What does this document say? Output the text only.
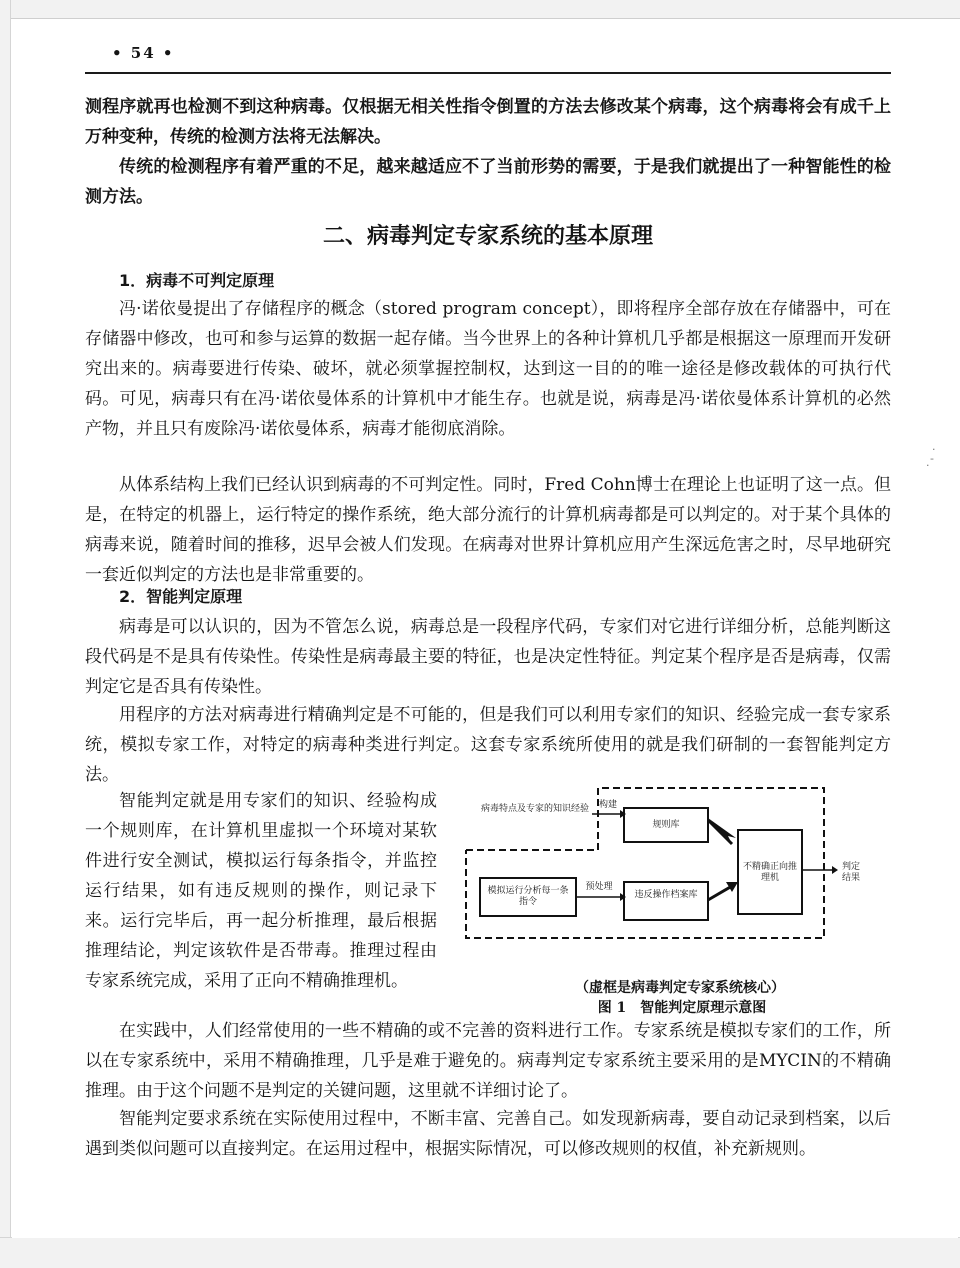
• 54 •

测程序就再也检测不到这种病毒。仅根据无相关性指令倒置的方法去修改某个病毒，这个病毒将会有成千上万种变种，传统的检测方法将无法解决。

传统的检测程序有着严重的不足，越来越适应不了当前形势的需要，于是我们就提出了一种智能性的检测方法。

二、病毒判定专家系统的基本原理
1．病毒不可判定原理

冯·诺依曼提出了存储程序的概念（stored program concept），即将程序全部存放在存储器中，可在存储器中修改，也可和参与运算的数据一起存储。当今世界上的各种计算机几乎都是根据这一原理而开发研究出来的。病毒要进行传染、破坏，就必须掌握控制权，达到这一目的的唯一途径是修改载体的可执行代码。可见，病毒只有在冯·诺依曼体系的计算机中才能生存。也就是说，病毒是冯·诺依曼体系计算机的必然产物，并且只有废除冯·诺依曼体系，病毒才能彻底消除。

从体系结构上我们已经认识到病毒的不可判定性。同时，Fred Cohn博士在理论上也证明了这一点。但是，在特定的机器上，运行特定的操作系统，绝大部分流行的计算机病毒都是可以判定的。对于某个具体的病毒来说，随着时间的推移，迟早会被人们发现。在病毒对世界计算机应用产生深远危害之时，尽早地研究一套近似判定的方法也是非常重要的。

2．智能判定原理

病毒是可以认识的，因为不管怎么说，病毒总是一段程序代码，专家们对它进行详细分析，总能判断这段代码是不是具有传染性。传染性是病毒最主要的特征，也是决定性特征。判定某个程序是否是病毒，仅需判定它是否具有传染性。

用程序的方法对病毒进行精确判定是不可能的，但是我们可以利用专家们的知识、经验完成一套专家系统，模拟专家工作，对特定的病毒种类进行判定。这套专家系统所使用的就是我们研制的一套智能判定方法。

智能判定就是用专家们的知识、经验构成一个规则库，在计算机里虚拟一个环境对某软件进行安全测试，模拟运行每条指令，并监控运行结果，如有违反规则的操作，则记录下来。运行完毕后，再一起分析推理，最后根据推理结论，判定该软件是否带毒。推理过程由专家系统完成，采用了正向不精确推理机。

病毒特点及专家的知识经验	构建
规则库
不精确正向推理机
判定结果
模拟运行分析每一条指令
预处理
违反操作档案库
（虚框是病毒判定专家系统核心）
图 1　智能判定原理示意图

在实践中，人们经常使用的一些不精确的或不完善的资料进行工作。专家系统是模拟专家们的工作，所以在专家系统中，采用不精确推理，几乎是难于避免的。病毒判定专家系统主要采用的是MYCIN的不精确推理。由于这个问题不是判定的关键问题，这里就不详细讨论了。

智能判定要求系统在实际使用过程中，不断丰富、完善自己。如发现新病毒，要自动记录到档案，以后遇到类似问题可以直接判定。在运用过程中，根据实际情况，可以修改规则的权值，补充新规则。

.
. -
